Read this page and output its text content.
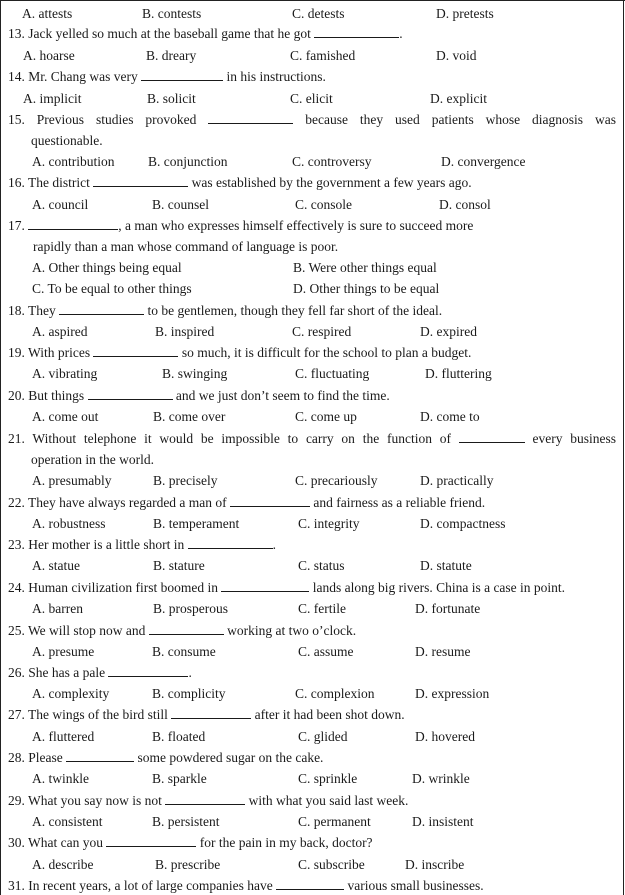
A. attests	B. contests	C. detests	D. pretests
13. Jack yelled so much at the baseball game that he got	.
A. hoarse	B. dreary	C. famished	D. void
14. Mr. Chang was very	in his instructions.
A. implicit	B. solicit	C. elicit	D. explicit
15. Previous studies provoked	because they used patients whose diagnosis was
questionable.
A. contribution B. conjunction	C. controversy	D. convergence
16. The district	was established by the government a few years ago.
A. council	B. counsel	C. console	D. consol
17.	, a man who expresses himself effectively is sure to succeed more
rapidly than a man whose command of language is poor.
A. Other things being equal	B. Were other things equal
C. To be equal to other things	D. Other things to be equal
18. They	to be gentlemen, though they fell far short of the ideal.
A. aspired	B. inspired	C. respired	D. expired
19. With prices	so much, it is difficult for the school to plan a budget.
A. vibrating	B. swinging	C. fluctuating	D. fluttering
20. But things	and we just don’t seem to find the time.
A. come out	B. come over	C. come up	D. come to
21. Without telephone it would be impossible to carry on the function of	every business
operation in the world.
A. presumably	B. precisely	C. precariously	D. practically
22. They have always regarded a man of	and fairness as a reliable friend.
A. robustness	B. temperament	C. integrity	D. compactness
23. Her mother is a little short in	.
A. statue	B. stature	C. status	D. statute
24. Human civilization first boomed in	lands along big rivers. China is a case in point.
A. barren	B. prosperous	C. fertile	D. fortunate
25. We will stop now and	working at two o’clock.
A. presume	B. consume	C. assume	D. resume
26. She has a pale	.
A. complexity	B. complicity	C. complexion	D. expression
27. The wings of the bird still	after it had been shot down.
A. fluttered	B. floated	C. glided	D. hovered
28. Please	some powdered sugar on the cake.
A. twinkle	B. sparkle	C. sprinkle	D. wrinkle
29. What you say now is not	with what you said last week.
A. consistent	B. persistent	C. permanent	D. insistent
30. What can you	for the pain in my back, doctor?
A. describe	B. prescribe	C. subscribe	D. inscribe
31. In recent years, a lot of large companies have	various small businesses.
